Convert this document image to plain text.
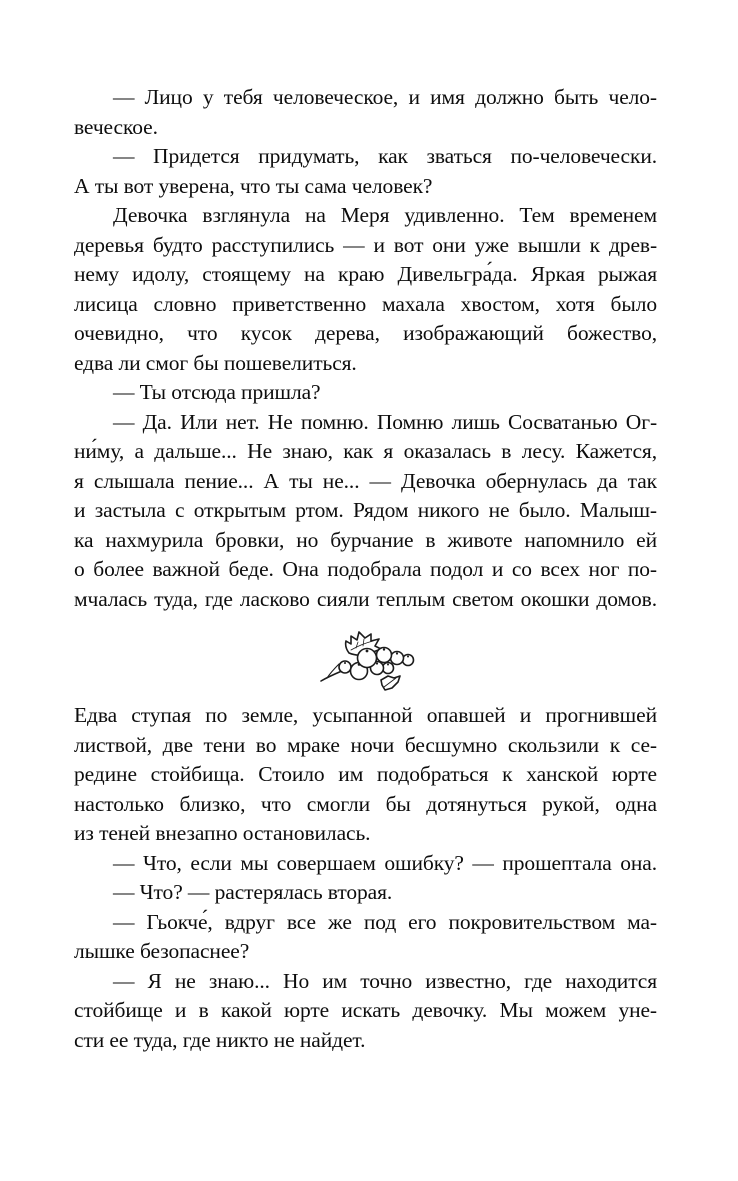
— Лицо у тебя человеческое, и имя должно быть чело-
веческое.
— Придется придумать, как зваться по-человечески.
А ты вот уверена, что ты сама человек?
Девочка взглянула на Меря удивленно. Тем временем
деревья будто расступились — и вот они уже вышли к древ-
нему идолу, стоящему на краю Дивельгра́да. Яркая рыжая
лисица словно приветственно махала хвостом, хотя было
очевидно, что кусок дерева, изображающий божество,
едва ли смог бы пошевелиться.
— Ты отсюда пришла?
— Да. Или нет. Не помню. Помню лишь Сосватанью Ог-
ни́му, а дальше... Не знаю, как я оказалась в лесу. Кажется,
я слышала пение... А ты не... — Девочка обернулась да так
и застыла с открытым ртом. Рядом никого не было. Малыш-
ка нахмурила бровки, но бурчание в животе напомнило ей
о более важной беде. Она подобрала подол и со всех ног по-
мчалась туда, где ласково сияли теплым светом окошки домов.
Едва ступая по земле, усыпанной опавшей и прогнившей
листвой, две тени во мраке ночи бесшумно скользили к се-
редине стойбища. Стоило им подобраться к ханской юрте
настолько близко, что смогли бы дотянуться рукой, одна
из теней внезапно остановилась.
— Что, если мы совершаем ошибку? — прошептала она.
— Что? — растерялась вторая.
— Гьокче́, вдруг все же под его покровительством ма-
лышке безопаснее?
— Я не знаю... Но им точно известно, где находится
стойбище и в какой юрте искать девочку. Мы можем уне-
сти ее туда, где никто не найдет.
